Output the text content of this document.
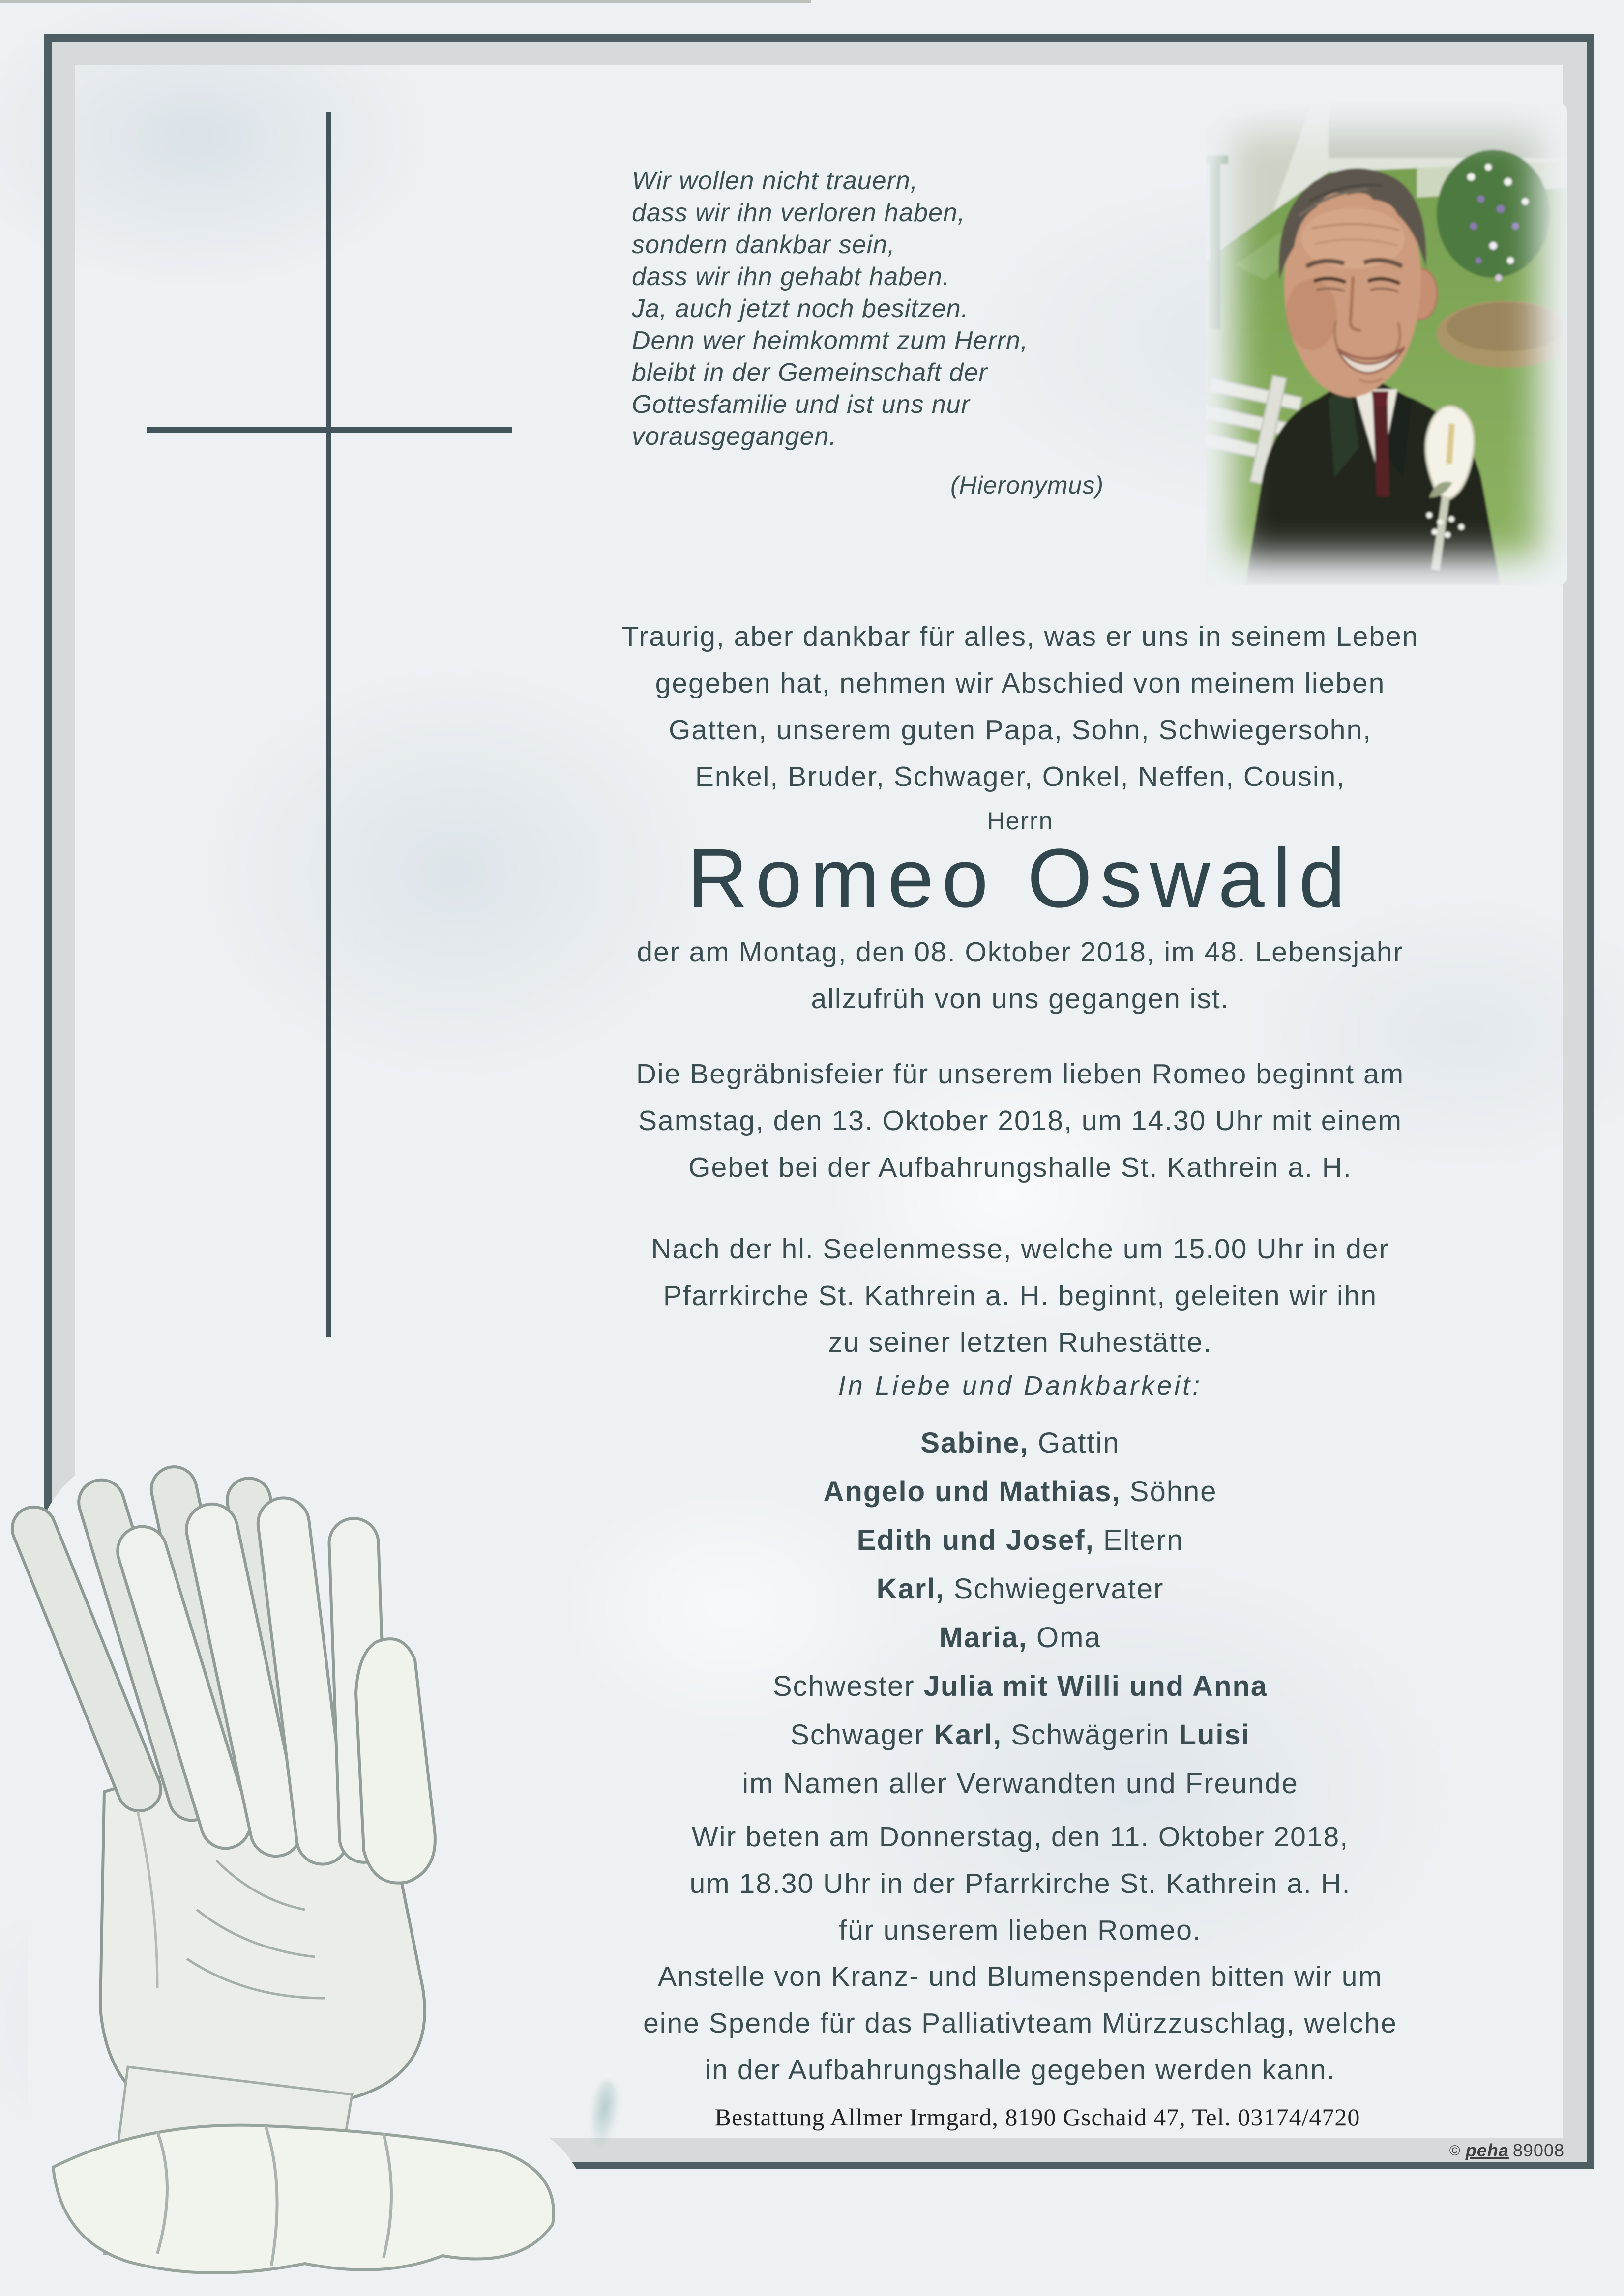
Wir wollen nicht trauern,
dass wir ihn verloren haben,
sondern dankbar sein,
dass wir ihn gehabt haben.
Ja, auch jetzt noch besitzen.
Denn wer heimkommt zum Herrn,
bleibt in der Gemeinschaft der
Gottesfamilie und ist uns nur
vorausgegangen.
(Hieronymus)
Traurig, aber dankbar für alles, was er uns in seinem Leben
gegeben hat, nehmen wir Abschied von meinem lieben
Gatten, unserem guten Papa, Sohn, Schwiegersohn,
Enkel, Bruder, Schwager, Onkel, Neffen, Cousin,
Herrn
Romeo Oswald
der am Montag, den 08. Oktober 2018, im 48. Lebensjahr
allzufrüh von uns gegangen ist.
Die Begräbnisfeier für unserem lieben Romeo beginnt am
Samstag, den 13. Oktober 2018, um 14.30 Uhr mit einem
Gebet bei der Aufbahrungshalle St. Kathrein a. H.
Nach der hl. Seelenmesse, welche um 15.00 Uhr in der
Pfarrkirche St. Kathrein a. H. beginnt, geleiten wir ihn
zu seiner letzten Ruhestätte.
In Liebe und Dankbarkeit:
Sabine, Gattin
Angelo und Mathias, Söhne
Edith und Josef, Eltern
Karl, Schwiegervater
Maria, Oma
Schwester Julia mit Willi und Anna
Schwager Karl, Schwägerin Luisi
im Namen aller Verwandten und Freunde
Wir beten am Donnerstag, den 11. Oktober 2018,
um 18.30 Uhr in der Pfarrkirche St. Kathrein a. H.
für unserem lieben Romeo.
Anstelle von Kranz- und Blumenspenden bitten wir um
eine Spende für das Palliativteam Mürzzuschlag, welche
in der Aufbahrungshalle gegeben werden kann.
Bestattung Allmer Irmgard, 8190 Gschaid 47, Tel. 03174/4720
© peha 89008
